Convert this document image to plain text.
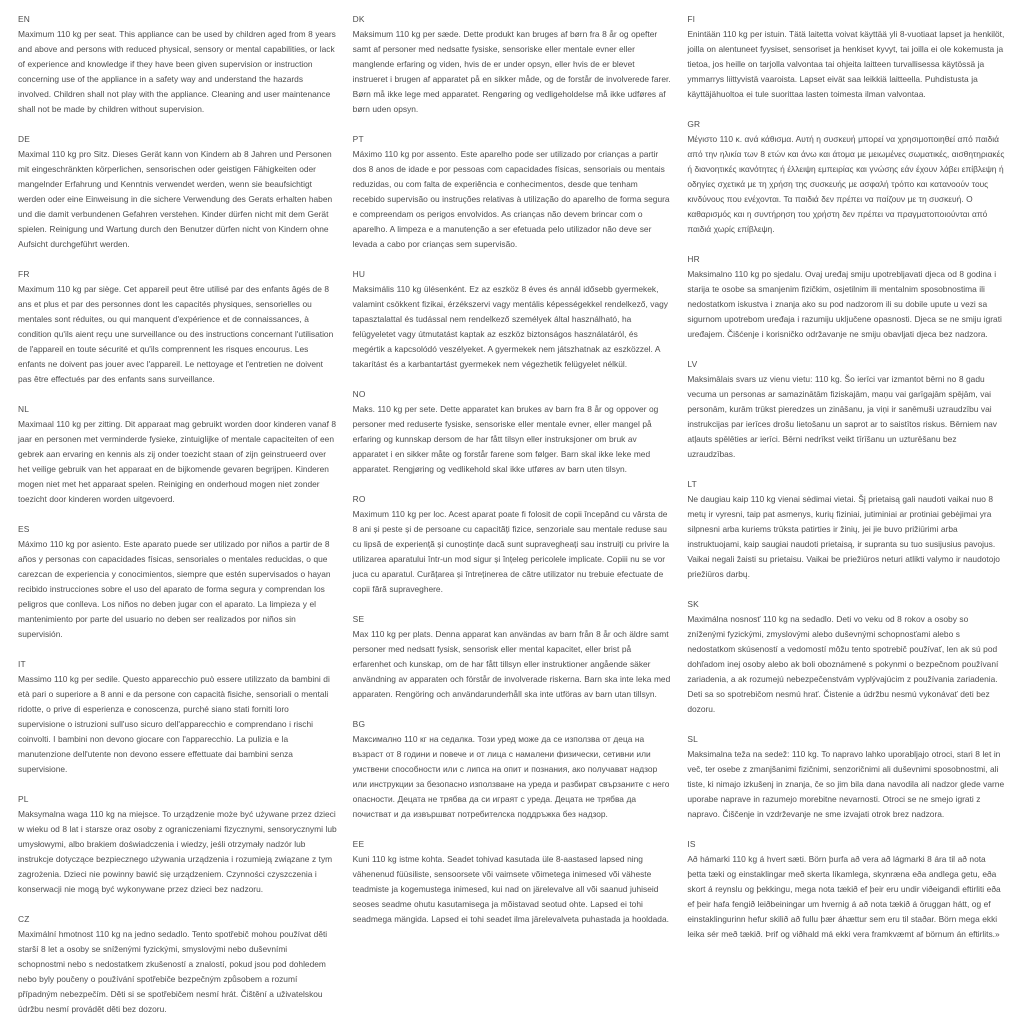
EN

Maximum 110 kg per seat. This appliance can be used by children aged from 8 years and above and persons with reduced physical, sensory or mental capabilities, or lack of experience and knowledge if they have been given supervision or instruction concerning use of the appliance in a safety way and understand the hazards involved. Children shall not play with the appliance. Cleaning and user maintenance shall not be made by children without supervision.

DE

Maximal 110 kg pro Sitz. Dieses Gerät kann von Kindern ab 8 Jahren und Personen mit eingeschränkten körperlichen, sensorischen oder geistigen Fähigkeiten oder mangelnder Erfahrung und Kenntnis verwendet werden, wenn sie beaufsichtigt werden oder eine Einweisung in die sichere Verwendung des Gerats erhalten haben und die damit verbundenen Gefahren verstehen. Kinder dürfen nicht mit dem Gerät spielen. Reinigung und Wartung durch den Benutzer dürfen nicht von Kindern ohne Aufsicht durchgeführt werden.

FR

Maximum 110 kg par siège. Cet appareil peut être utilisé par des enfants âgés de 8 ans et plus et par des personnes dont les capacités physiques, sensorielles ou mentales sont réduites, ou qui manquent d'expérience et de connaissances, à condition qu'ils aient reçu une surveillance ou des instructions concernant l'utilisation de l'appareil en toute sécurité et qu'ils comprennent les risques encourus. Les enfants ne doivent pas jouer avec l'appareil. Le nettoyage et l'entretien ne doivent pas être effectués par des enfants sans surveillance.

NL

Maximaal 110 kg per zitting. Dit apparaat mag gebruikt worden door kinderen vanaf 8 jaar en personen met verminderde fysieke, zintuiglijke of mentale capaciteiten of een gebrek aan ervaring en kennis als zij onder toezicht staan of zijn geinstrueerd over het veilige gebruik van het apparaat en de bijkomende gevaren begrijpen. Kinderen mogen niet met het apparaat spelen. Reiniging en onderhoud mogen niet zonder toezicht door kinderen worden uitgevoerd.

ES

Máximo 110 kg por asiento. Este aparato puede ser utilizado por niños a partir de 8 años y personas con capacidades físicas, sensoriales o mentales reducidas, o que carezcan de experiencia y conocimientos, siempre que estén supervisados o hayan recibido instrucciones sobre el uso del aparato de forma segura y comprendan los peligros que conlleva. Los niños no deben jugar con el aparato. La limpieza y el mantenimiento por parte del usuario no deben ser realizados por niños sin supervisión.

IT

Massimo 110 kg per sedile. Questo apparecchio può essere utilizzato da bambini di età pari o superiore a 8 anni e da persone con capacità fisiche, sensoriali o mentali ridotte, o prive di esperienza e conoscenza, purché siano stati forniti loro supervisione o istruzioni sull'uso sicuro dell'apparecchio e comprendano i rischi coinvolti. I bambini non devono giocare con l'apparecchio. La pulizia e la manutenzione dell'utente non devono essere effettuate dai bambini senza supervisione.

PL

Maksymalna waga 110 kg na miejsce. To urządzenie może być używane przez dzieci w wieku od 8 lat i starsze oraz osoby z ograniczeniami fizycznymi, sensorycznymi lub umysłowymi, albo brakiem doświadczenia i wiedzy, jeśli otrzymały nadzór lub instrukcje dotyczące bezpiecznego używania urządzenia i rozumieją związane z tym zagrożenia. Dzieci nie powinny bawić się urządzeniem. Czynności czyszczenia i konserwacji nie mogą być wykonywane przez dzieci bez nadzoru.

CZ

Maximální hmotnost 110 kg na jedno sedadlo. Tento spotřebič mohou používat děti starší 8 let a osoby se sníženými fyzickými, smyslovými nebo duševními schopnostmi nebo s nedostatkem zkušeností a znalostí, pokud jsou pod dohledem nebo byly poučeny o používání spotřebiče bezpečným způsobem a rozumí případným nebezpečím. Děti si se spotřebičem nesmí hrát. Čištění a uživatelskou údržbu nesmí provádět děti bez dozoru.

DK

Maksimum 110 kg per sæde. Dette produkt kan bruges af børn fra 8 år og opefter samt af personer med nedsatte fysiske, sensoriske eller mentale evner eller manglende erfaring og viden, hvis de er under opsyn, eller hvis de er blevet instrueret i brugen af apparatet på en sikker måde, og de forstår de involverede farer. Børn må ikke lege med apparatet. Rengøring og vedligeholdelse må ikke udføres af børn uden opsyn.

PT

Máximo 110 kg por assento. Este aparelho pode ser utilizado por crianças a partir dos 8 anos de idade e por pessoas com capacidades físicas, sensoriais ou mentais reduzidas, ou com falta de experiência e conhecimentos, desde que tenham recebido supervisão ou instruções relativas à utilização do aparelho de forma segura e compreendam os perigos envolvidos. As crianças não devem brincar com o aparelho. A limpeza e a manutenção a ser efetuada pelo utilizador não deve ser levada a cabo por crianças sem supervisão.

HU

Maksimális 110 kg ülésenként. Ez az eszköz 8 éves és annál idősebb gyermekek, valamint csökkent fizikai, érzékszervi vagy mentális képességekkel rendelkező, vagy tapasztalattal és tudással nem rendelkező személyek által használható, ha felügyeletet vagy útmutatást kaptak az eszköz biztonságos használatáról, és megértik a kapcsolódó veszélyeket. A gyermekek nem játszhatnak az eszközzel. A takarítást és a karbantartást gyermekek nem végezhetik felügyelet nélkül.

NO

Maks. 110 kg per sete. Dette apparatet kan brukes av barn fra 8 år og oppover og personer med reduserte fysiske, sensoriske eller mentale evner, eller mangel på erfaring og kunnskap dersom de har fått tilsyn eller instruksjoner om bruk av apparatet i en sikker måte og forstår farene som følger. Barn skal ikke leke med apparatet. Rengjøring og vedlikehold skal ikke utføres av barn uten tilsyn.

RO

Maximum 110 kg per loc. Acest aparat poate fi folosit de copii începând cu vârsta de 8 ani și peste și de persoane cu capacități fizice, senzoriale sau mentale reduse sau cu lipsă de experiență și cunoștințe dacă sunt supravegheați sau instruiți cu privire la utilizarea aparatului într-un mod sigur și înțeleg pericolele implicate. Copiii nu se vor juca cu aparatul. Curățarea și întreținerea de către utilizator nu trebuie efectuate de copii fără supraveghere.

SE

Max 110 kg per plats. Denna apparat kan användas av barn från 8 år och äldre samt personer med nedsatt fysisk, sensorisk eller mental kapacitet, eller brist på erfarenhet och kunskap, om de har fått tillsyn eller instruktioner angående säker användning av apparaten och förstår de involverade riskerna. Barn ska inte leka med apparaten. Rengöring och användarunderhåll ska inte utföras av barn utan tillsyn.

BG

Максимално 110 кг на седалка. Този уред може да се използва от деца на възраст от 8 години и повече и от лица с намалени физически, сетивни или умствени способности или с липса на опит и познания, ако получават надзор или инструкции за безопасно използване на уреда и разбират свързаните с него опасности. Децата не трябва да си играят с уреда. Децата не трябва да почистват и да извършват потребителска поддръжка без надзор.

EE

Kuni 110 kg istme kohta. Seadet tohivad kasutada üle 8-aastased lapsed ning vähenenud füüsiliste, sensoorsete või vaimsete võimetega inimesed või väheste teadmiste ja kogemustega inimesed, kui nad on järelevalve all või saanud juhiseid seoses seadme ohutu kasutamisega ja mõistavad seotud ohte. Lapsed ei tohi seadmega mängida. Lapsed ei tohi seadet ilma järelevalveta puhastada ja hooldada.

FI

Enintään 110 kg per istuin. Tätä laitetta voivat käyttää yli 8-vuotiaat lapset ja henkilöt, joilla on alentuneet fyysiset, sensoriset ja henkiset kyvyt, tai joilla ei ole kokemusta ja tietoa, jos heille on tarjolla valvontaa tai ohjeita laitteen turvallisessa käytössä ja ymmarrys liittyvistä vaaroista. Lapset eivät saa leikkiä laitteella. Puhdistusta ja käyttäjähuoltoa ei tule suorittaa lasten toimesta ilman valvontaa.

GR

Μέγιστο 110 κ. ανά κάθισμα. Αυτή η συσκευή μπορεί να χρησιμοποιηθεί από παιδιά από την ηλικία των 8 ετών και άνω και άτομα με μειωμένες σωματικές, αισθητηριακές ή διανοητικές ικανότητες ή έλλειψη εμπειρίας και γνώσης εάν έχουν λάβει επίβλεψη ή οδηγίες σχετικά με τη χρήση της συσκευής με ασφαλή τρόπο και κατανοούν τους κινδύνους που ενέχονται. Τα παιδιά δεν πρέπει να παίζουν με τη συσκευή. Ο καθαρισμός και η συντήρηση του χρήστη δεν πρέπει να πραγματοποιούνται από παιδιά χωρίς επίβλεψη.

HR

Maksimalno 110 kg po sjedalu. Ovaj uređaj smiju upotrebljavati djeca od 8 godina i starija te osobe sa smanjenim fizičkim, osjetilnim ili mentalnim sposobnostima ili nedostatkom iskustva i znanja ako su pod nadzorom ili su dobile upute u vezi sa sigurnom upotrebom uređaja i razumiju uključene opasnosti. Djeca se ne smiju igrati uređajem. Čišćenje i korisničko održavanje ne smiju obavljati djeca bez nadzora.

LV

Maksimālais svars uz vienu vietu: 110 kg. Šo ierīci var izmantot bērni no 8 gadu vecuma un personas ar samazinātām fiziskajām, maņu vai garīgajām spējām, vai personām, kurām trūkst pieredzes un zināšanu, ja viņi ir sanēmuši uzraudzību vai instrukcijas par ierīces drošu lietošanu un saprot ar to saistītos riskus. Bērniem nav atļauts spēlēties ar ierīci. Bērni nedrīkst veikt tīrīšanu un uzturēšanu bez uzraudzības.

LT

Ne daugiau kaip 110 kg vienai sėdimai vietai. Šį prietaisą gali naudoti vaikai nuo 8 metų ir vyresni, taip pat asmenys, kurių fiziniai, jutiminiai ar protiniai gebėjimai yra silpnesni arba kuriems trūksta patirties ir žinių, jei jie buvo prižiūrimi arba instruktuojami, kaip saugiai naudoti prietaisą, ir supranta su tuo susijusius pavojus. Vaikai negali žaisti su prietaisu. Vaikai be priežiūros neturi atlikti valymo ir naudotojo priežiūros darbų.

SK

Maximálna nosnosť 110 kg na sedadlo. Deti vo veku od 8 rokov a osoby so zníženými fyzickými, zmyslovými alebo duševnými schopnosťami alebo s nedostatkom skúseností a vedomostí môžu tento spotrebič používať, len ak sú pod dohľadom inej osoby alebo ak boli oboznámené s pokynmi o bezpečnom používaní zariadenia, a ak rozumejú nebezpečenstvám vyplývajúcim z používania zariadenia. Deti sa so spotrebičom nesmú hrať. Čistenie a údržbu nesmú vykonávať deti bez dozoru.

SL

Maksimalna teža na sedež: 110 kg. To napravo lahko uporabljajo otroci, stari 8 let in več, ter osebe z zmanjšanimi fizičnimi, senzoričnimi ali duševnimi sposobnostmi, ali tiste, ki nimajo izkušenj in znanja, če so jim bila dana navodila ali nadzor glede varne uporabe naprave in razumejo morebitne nevarnosti. Otroci se ne smejo igrati z napravo. Čiščenje in vzdrževanje ne sme izvajati otrok brez nadzora.

IS

Að hámarki 110 kg á hvert sæti. Börn þurfa að vera að lágmarki 8 ára til að nota þetta tæki og einstaklingar með skerta líkamlega, skynræna eða andlega getu, eða skort á reynslu og þekkingu, mega nota tækið ef þeir eru undir viðeigandi eftirliti eða ef þeir hafa fengið leiðbeiningar um hvernig á að nota tækið á öruggan hátt, og ef einstaklingurinn hefur skilið að fullu þær áhættur sem eru til staðar. Börn mega ekki leika sér með tækið. Þrif og viðhald má ekki vera framkvæmt af börnum án eftirlits.»
